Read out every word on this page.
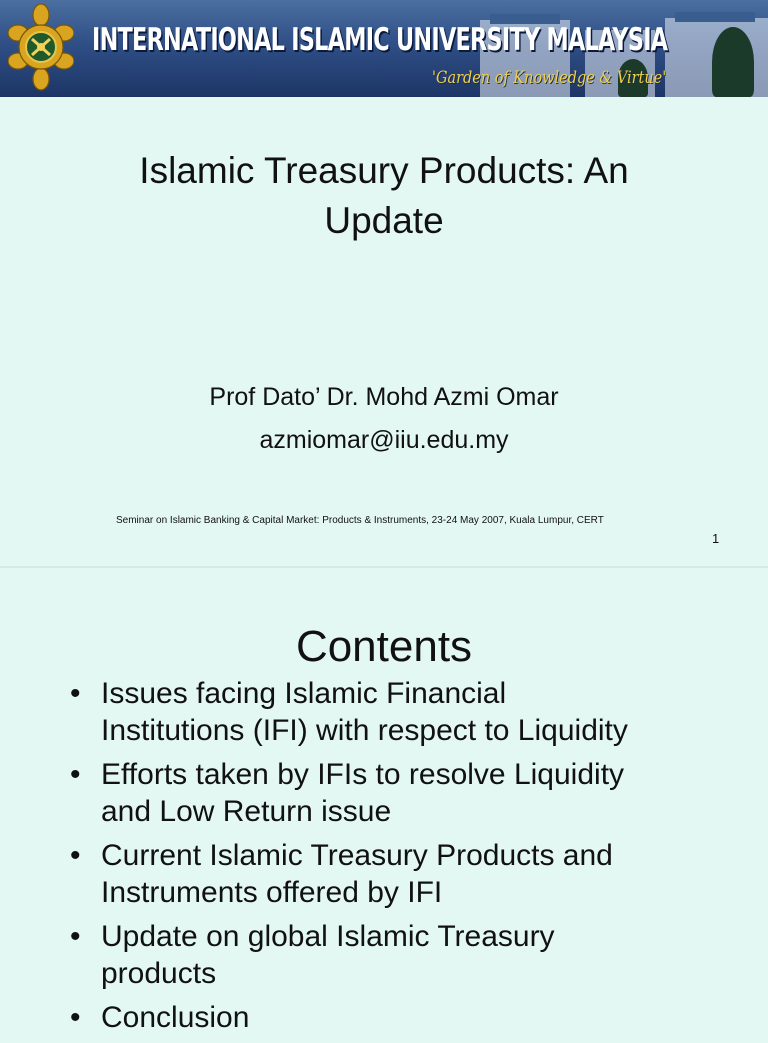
INTERNATIONAL ISLAMIC UNIVERSITY MALAYSIA
'Garden of Knowledge & Virtue'
Islamic Treasury Products: An
Update
Prof Dato’ Dr. Mohd Azmi Omar
azmiomar@iiu.edu.my
Seminar on Islamic Banking & Capital Market: Products & Instruments, 23-24 May 2007, Kuala Lumpur, CERT
1
Contents
• Issues facing Islamic Financial
Institutions (IFI) with respect to Liquidity
• Efforts taken by IFIs to resolve Liquidity
and Low Return issue
• Current Islamic Treasury Products and
Instruments offered by IFI
• Update on global Islamic Treasury
products
• Conclusion
